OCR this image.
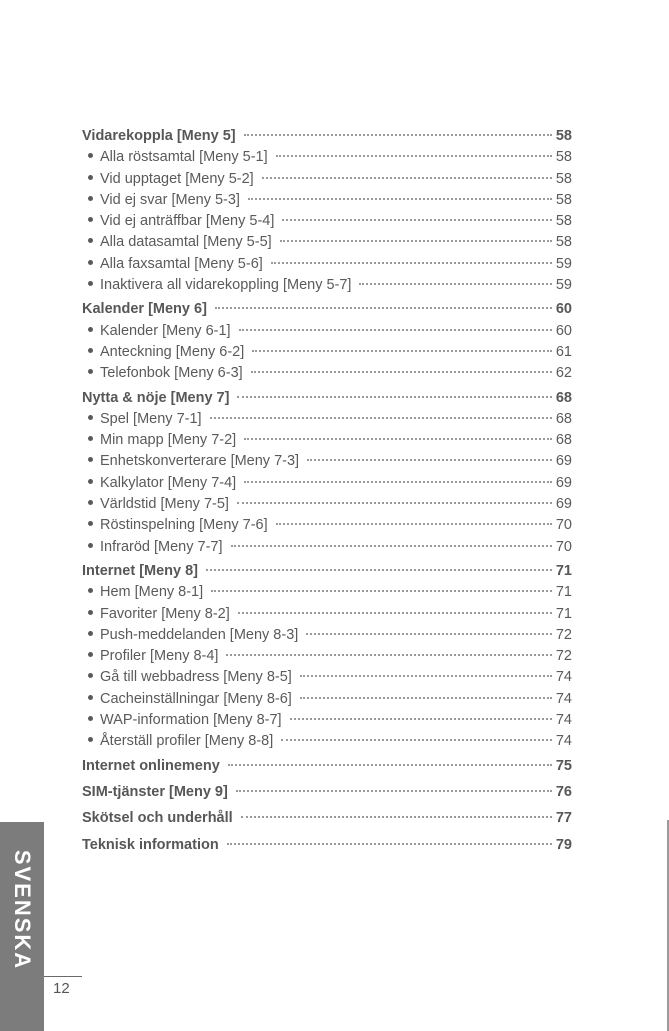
Vidarekoppla [Meny 5]	58
Alla röstsamtal [Meny 5-1]	58
Vid upptaget [Meny 5-2]	58
Vid ej svar [Meny 5-3]	58
Vid ej anträffbar [Meny 5-4]	58
Alla datasamtal [Meny 5-5]	58
Alla faxsamtal [Meny 5-6]	59
Inaktivera all vidarekoppling [Meny 5-7]	59
Kalender [Meny 6]	60
Kalender [Meny 6-1]	60
Anteckning [Meny 6-2]	61
Telefonbok [Meny 6-3]	62
Nytta & nöje [Meny 7]	68
Spel [Meny 7-1]	68
Min mapp [Meny 7-2]	68
Enhetskonverterare [Meny 7-3]	69
Kalkylator [Meny 7-4]	69
Världstid [Meny 7-5]	69
Röstinspelning [Meny 7-6]	70
Infraröd [Meny 7-7]	70
Internet [Meny 8]	71
Hem [Meny 8-1]	71
Favoriter [Meny 8-2]	71
Push-meddelanden [Meny 8-3]	72
Profiler [Meny 8-4]	72
Gå till webbadress [Meny 8-5]	74
Cacheinställningar [Meny 8-6]	74
WAP-information [Meny 8-7]	74
Återställ profiler [Meny 8-8]	74
Internet onlinemeny	75
SIM-tjänster [Meny 9]	76
Skötsel och underhåll	77
Teknisk information	79
SVENSKA
12
